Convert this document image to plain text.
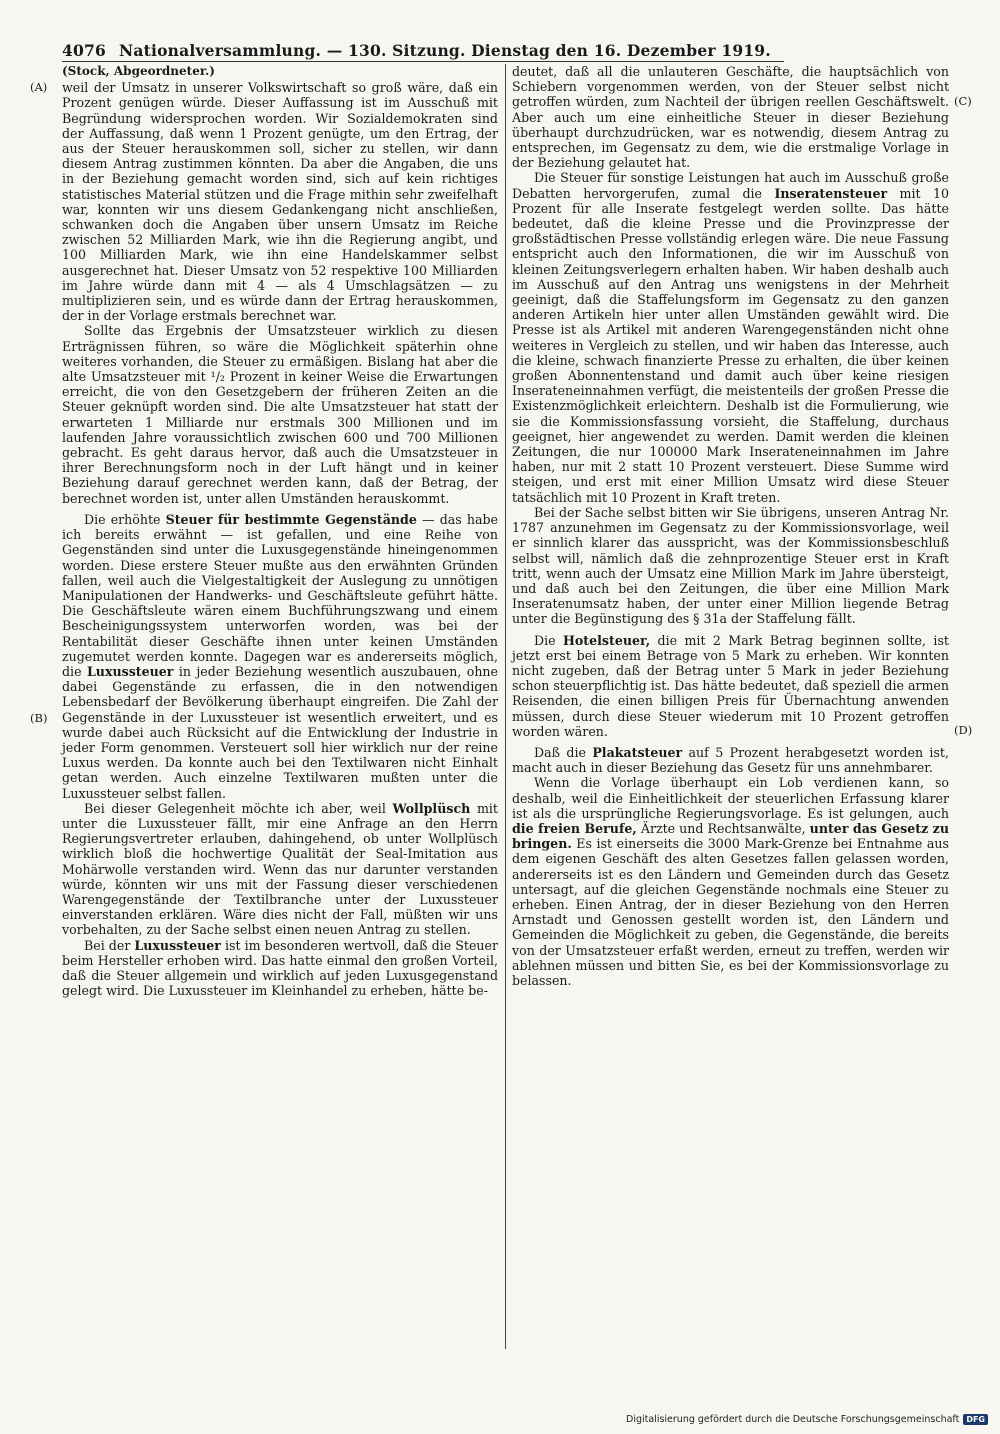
4076 Nationalversammlung. — 130. Sitzung. Dienstag den 16. Dezember 1919.
(A)
(B)
(C)
(D)
(Stock, Abgeordneter.)

weil der Umsatz in unserer Volkswirtschaft so groß wäre, daß ein Prozent genügen würde. Dieser Auffassung ist im Ausschuß mit Begründung widersprochen worden. Wir Sozialdemokraten sind der Auffassung, daß wenn 1 Prozent genügte, um den Ertrag, der aus der Steuer herauskommen soll, sicher zu stellen, wir dann diesem Antrag zustimmen könnten. Da aber die Angaben, die uns in der Beziehung gemacht worden sind, sich auf kein richtiges statistisches Material stützen und die Frage mithin sehr zweifelhaft war, konnten wir uns diesem Gedankengang nicht anschließen, schwanken doch die Angaben über unsern Umsatz im Reiche zwischen 52 Milliarden Mark, wie ihn die Regierung angibt, und 100 Milliarden Mark, wie ihn eine Handelskammer selbst ausgerechnet hat. Dieser Umsatz von 52 respektive 100 Milliarden im Jahre würde dann mit 4 — als 4 Umschlagsätzen — zu multiplizieren sein, und es würde dann der Ertrag herauskommen, der in der Vorlage erstmals berechnet war.

Sollte das Ergebnis der Umsatzsteuer wirklich zu diesen Erträgnissen führen, so wäre die Möglichkeit späterhin ohne weiteres vorhanden, die Steuer zu ermäßigen. Bislang hat aber die alte Umsatzsteuer mit ¹/₂ Prozent in keiner Weise die Erwartungen erreicht, die von den Gesetzgebern der früheren Zeiten an die Steuer geknüpft worden sind. Die alte Umsatzsteuer hat statt der erwarteten 1 Milliarde nur erstmals 300 Millionen und im laufenden Jahre voraussichtlich zwischen 600 und 700 Millionen gebracht. Es geht daraus hervor, daß auch die Umsatzsteuer in ihrer Berechnungsform noch in der Luft hängt und in keiner Beziehung darauf gerechnet werden kann, daß der Betrag, der berechnet worden ist, unter allen Umständen herauskommt.

Die erhöhte Steuer für bestimmte Gegenstände — das habe ich bereits erwähnt — ist gefallen, und eine Reihe von Gegenständen sind unter die Luxusgegenstände hineingenommen worden. Diese erstere Steuer mußte aus den erwähnten Gründen fallen, weil auch die Vielgestaltigkeit der Auslegung zu unnötigen Manipulationen der Handwerks- und Geschäftsleute geführt hätte. Die Geschäftsleute wären einem Buchführungszwang und einem Bescheinigungssystem unterworfen worden, was bei der Rentabilität dieser Geschäfte ihnen unter keinen Umständen zugemutet werden konnte. Dagegen war es andererseits möglich, die Luxussteuer in jeder Beziehung wesentlich auszubauen, ohne dabei Gegenstände zu erfassen, die in den notwendigen Lebensbedarf der Bevölkerung überhaupt eingreifen. Die Zahl der Gegenstände in der Luxussteuer ist wesentlich erweitert, und es wurde dabei auch Rücksicht auf die Entwicklung der Industrie in jeder Form genommen. Versteuert soll hier wirklich nur der reine Luxus werden. Da konnte auch bei den Textilwaren nicht Einhalt getan werden. Auch einzelne Textilwaren mußten unter die Luxussteuer selbst fallen.

Bei dieser Gelegenheit möchte ich aber, weil Wollplüsch mit unter die Luxussteuer fällt, mir eine Anfrage an den Herrn Regierungsvertreter erlauben, dahingehend, ob unter Wollplüsch wirklich bloß die hochwertige Qualität der Seal-Imitation aus Mohärwolle verstanden wird. Wenn das nur darunter verstanden würde, könnten wir uns mit der Fassung dieser verschiedenen Warengegenstände der Textilbranche unter der Luxussteuer einverstanden erklären. Wäre dies nicht der Fall, müßten wir uns vorbehalten, zu der Sache selbst einen neuen Antrag zu stellen.

Bei der Luxussteuer ist im besonderen wertvoll, daß die Steuer beim Hersteller erhoben wird. Das hatte einmal den großen Vorteil, daß die Steuer allgemein und wirklich auf jeden Luxusgegenstand gelegt wird. Die Luxussteuer im Kleinhandel zu erheben, hätte be-

deutet, daß all die unlauteren Geschäfte, die hauptsächlich von Schiebern vorgenommen werden, von der Steuer selbst nicht getroffen würden, zum Nachteil der übrigen reellen Geschäftswelt. Aber auch um eine einheitliche Steuer in dieser Beziehung überhaupt durchzudrücken, war es notwendig, diesem Antrag zu entsprechen, im Gegensatz zu dem, wie die erstmalige Vorlage in der Beziehung gelautet hat.

Die Steuer für sonstige Leistungen hat auch im Ausschuß große Debatten hervorgerufen, zumal die Inseratensteuer mit 10 Prozent für alle Inserate festgelegt werden sollte. Das hätte bedeutet, daß die kleine Presse und die Provinzpresse der großstädtischen Presse vollständig erlegen wäre. Die neue Fassung entspricht auch den Informationen, die wir im Ausschuß von kleinen Zeitungsverlegern erhalten haben. Wir haben deshalb auch im Ausschuß auf den Antrag uns wenigstens in der Mehrheit geeinigt, daß die Staffelungsform im Gegensatz zu den ganzen anderen Artikeln hier unter allen Umständen gewählt wird. Die Presse ist als Artikel mit anderen Warengegenständen nicht ohne weiteres in Vergleich zu stellen, und wir haben das Interesse, auch die kleine, schwach finanzierte Presse zu erhalten, die über keinen großen Abonnentenstand und damit auch über keine riesigen Inserateneinnahmen verfügt, die meistenteils der großen Presse die Existenzmöglichkeit erleichtern. Deshalb ist die Formulierung, wie sie die Kommissionsfassung vorsieht, die Staffelung, durchaus geeignet, hier angewendet zu werden. Damit werden die kleinen Zeitungen, die nur 100000 Mark Inserateneinnahmen im Jahre haben, nur mit 2 statt 10 Prozent versteuert. Diese Summe wird steigen, und erst mit einer Million Umsatz wird diese Steuer tatsächlich mit 10 Prozent in Kraft treten.

Bei der Sache selbst bitten wir Sie übrigens, unseren Antrag Nr. 1787 anzunehmen im Gegensatz zu der Kommissionsvorlage, weil er sinnlich klarer das ausspricht, was der Kommissionsbeschluß selbst will, nämlich daß die zehnprozentige Steuer erst in Kraft tritt, wenn auch der Umsatz eine Million Mark im Jahre übersteigt, und daß auch bei den Zeitungen, die über eine Million Mark Inseratenumsatz haben, der unter einer Million liegende Betrag unter die Begünstigung des § 31a der Staffelung fällt.

Die Hotelsteuer, die mit 2 Mark Betrag beginnen sollte, ist jetzt erst bei einem Betrage von 5 Mark zu erheben. Wir konnten nicht zugeben, daß der Betrag unter 5 Mark in jeder Beziehung schon steuerpflichtig ist. Das hätte bedeutet, daß speziell die armen Reisenden, die einen billigen Preis für Übernachtung anwenden müssen, durch diese Steuer wiederum mit 10 Prozent getroffen worden wären.

Daß die Plakatsteuer auf 5 Prozent herabgesetzt worden ist, macht auch in dieser Beziehung das Gesetz für uns annehmbarer.

Wenn die Vorlage überhaupt ein Lob verdienen kann, so deshalb, weil die Einheitlichkeit der steuerlichen Erfassung klarer ist als die ursprüngliche Regierungsvorlage. Es ist gelungen, auch die freien Berufe, Ärzte und Rechtsanwälte, unter das Gesetz zu bringen. Es ist einerseits die 3000 Mark-Grenze bei Entnahme aus dem eigenen Geschäft des alten Gesetzes fallen gelassen worden, andererseits ist es den Ländern und Gemeinden durch das Gesetz untersagt, auf die gleichen Gegenstände nochmals eine Steuer zu erheben. Einen Antrag, der in dieser Beziehung von den Herren Arnstadt und Genossen gestellt worden ist, den Ländern und Gemeinden die Möglichkeit zu geben, die Gegenstände, die bereits von der Umsatzsteuer erfaßt werden, erneut zu treffen, werden wir ablehnen müssen und bitten Sie, es bei der Kommissionsvorlage zu belassen.

Digitalisierung gefördert durch die Deutsche Forschungsgemeinschaft DFG
